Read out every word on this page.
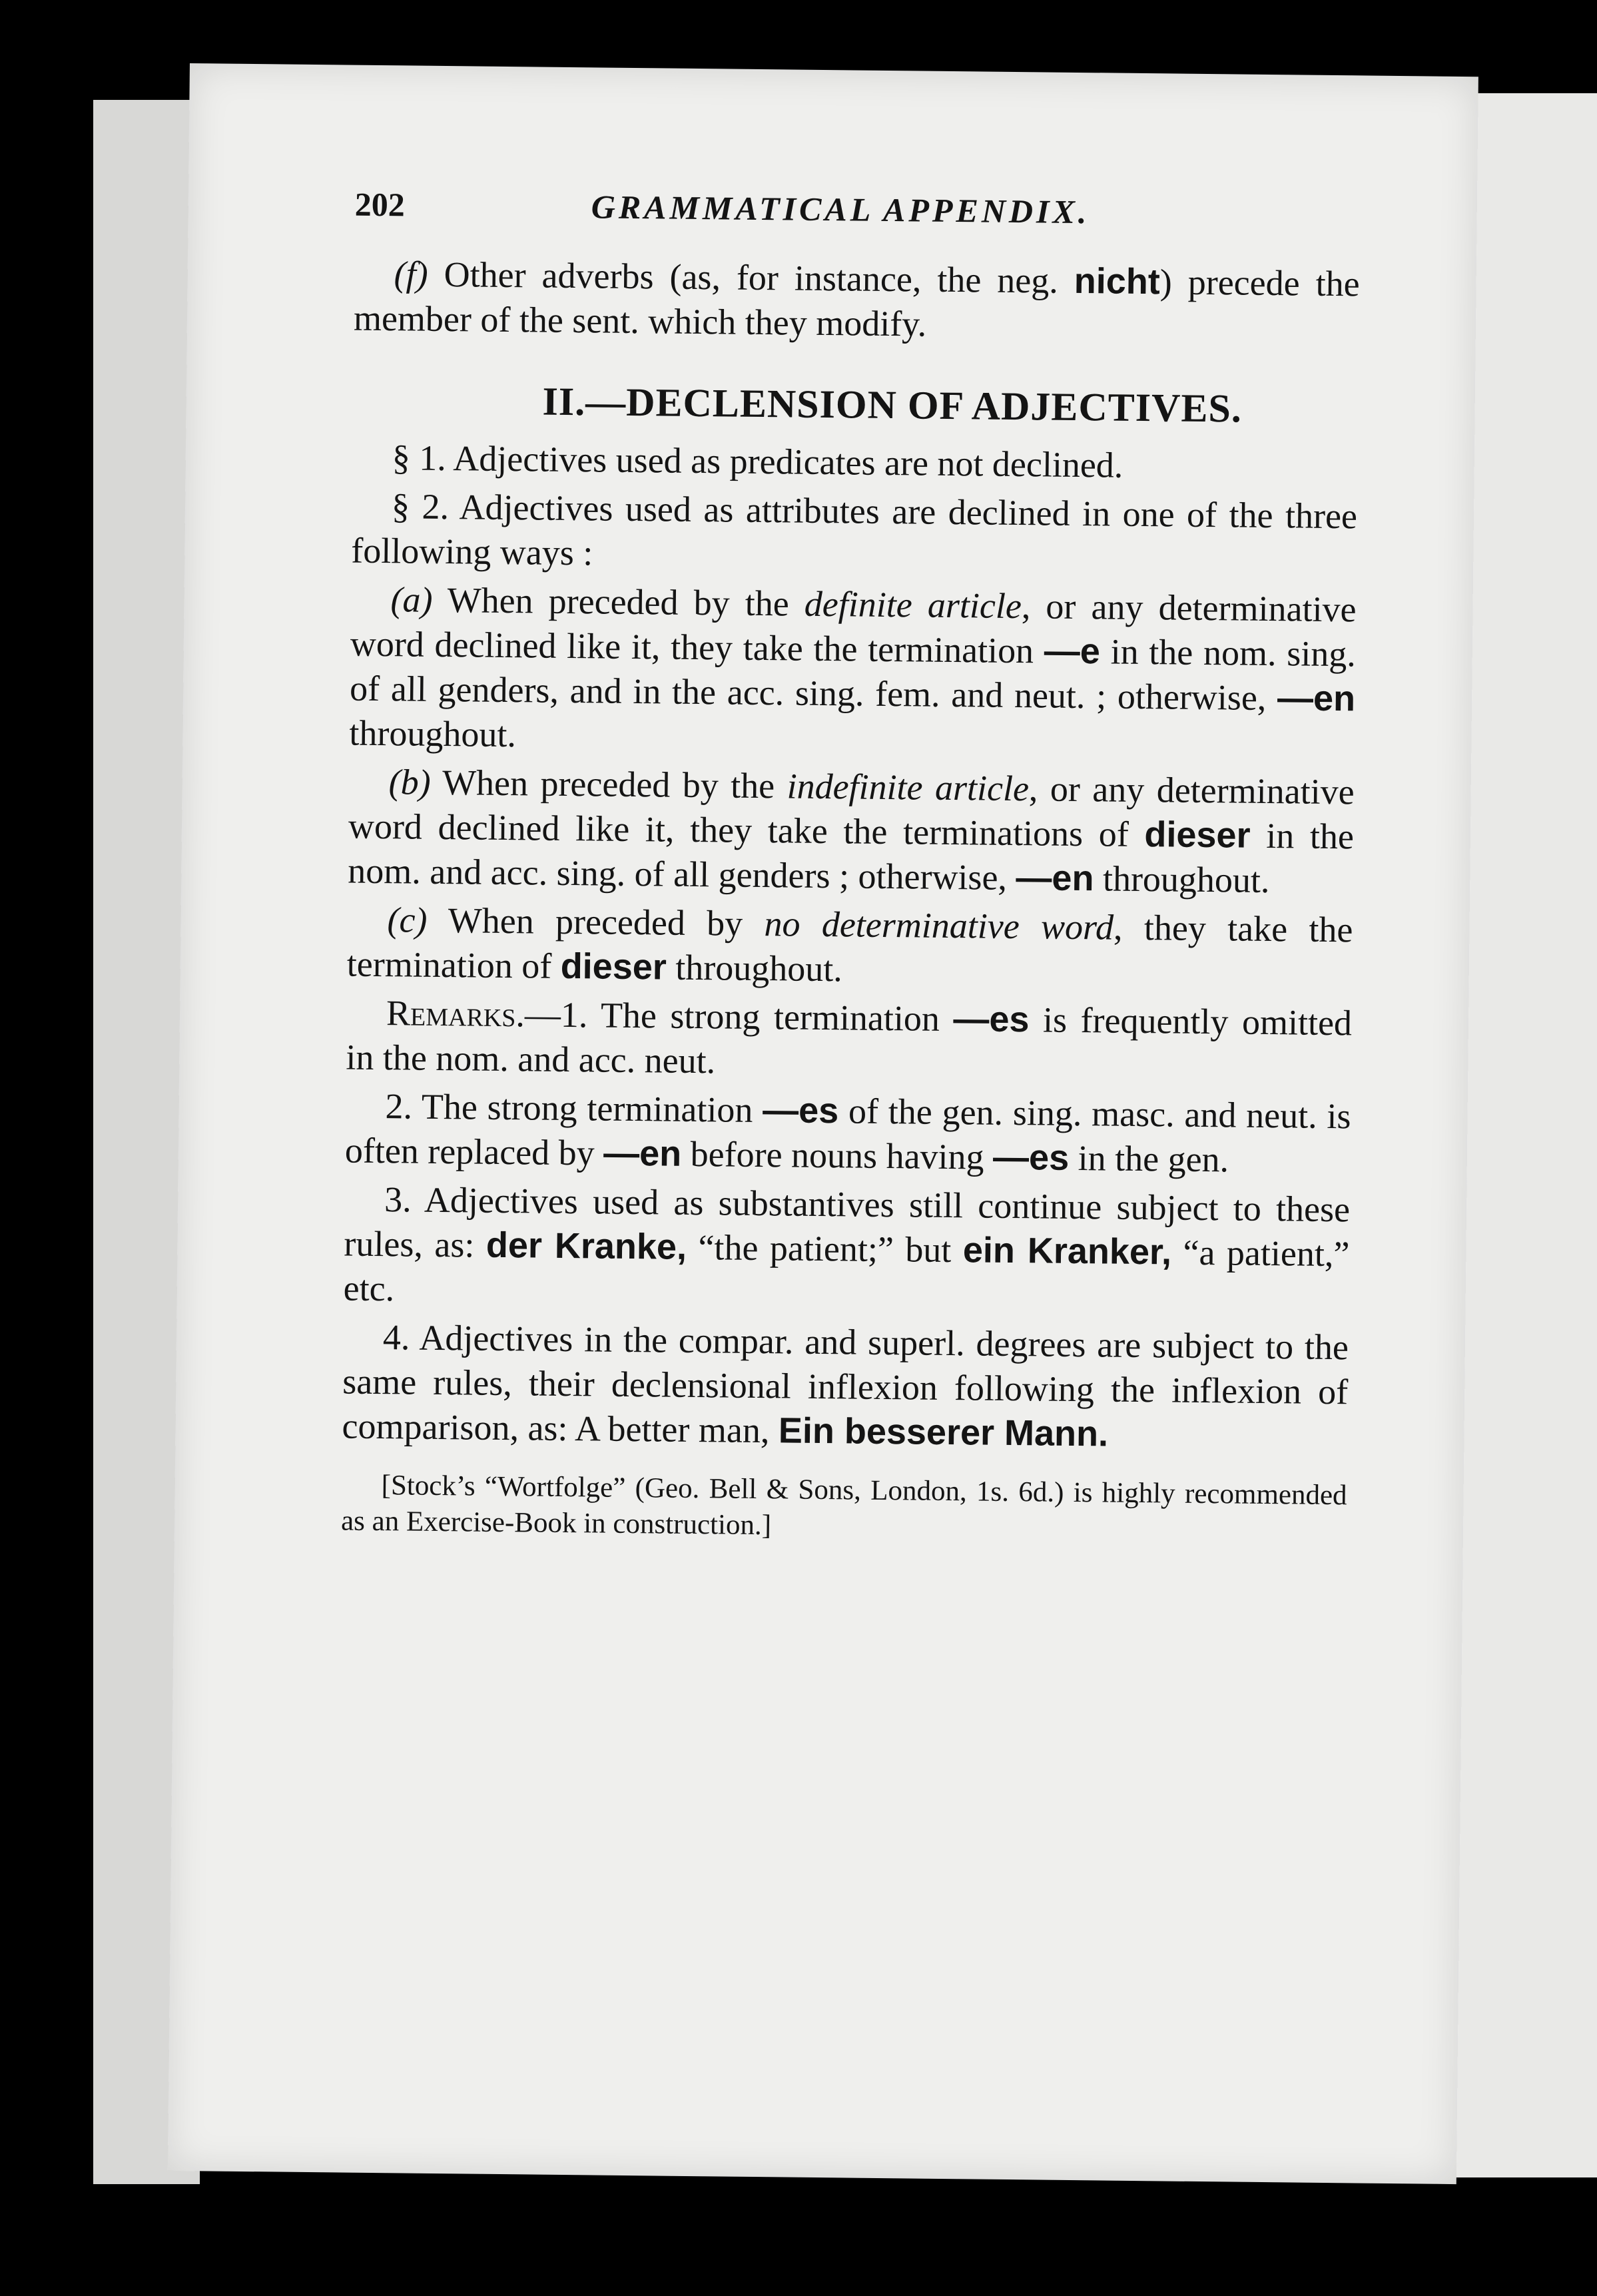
202	GRAMMATICAL APPENDIX.

(f) Other adverbs (as, for instance, the neg. nicht) precede the member of the sent. which they modify.

II.—DECLENSION OF ADJECTIVES.

§ 1. Adjectives used as predicates are not declined.

§ 2. Adjectives used as attributes are declined in one of the three following ways :

(a) When preceded by the definite article, or any determinative word declined like it, they take the termination —e in the nom. sing. of all genders, and in the acc. sing. fem. and neut. ; otherwise, —en throughout.

(b) When preceded by the indefinite article, or any determinative word declined like it, they take the terminations of dieser in the nom. and acc. sing. of all genders ; otherwise, —en throughout.

(c) When preceded by no determinative word, they take the termination of dieser throughout.

Remarks.—1. The strong termination —es is frequently omitted in the nom. and acc. neut.

2. The strong termination —es of the gen. sing. masc. and neut. is often replaced by —en before nouns having —es in the gen.

3. Adjectives used as substantives still continue subject to these rules, as: der Kranke, “the patient;” but ein Kranker, “a patient,” etc.

4. Adjectives in the compar. and superl. degrees are subject to the same rules, their declensional inflexion following the inflexion of comparison, as: A better man, Ein besserer Mann.

[Stock’s “Wortfolge” (Geo. Bell & Sons, London, 1s. 6d.) is highly recommended as an Exercise-Book in construction.]
